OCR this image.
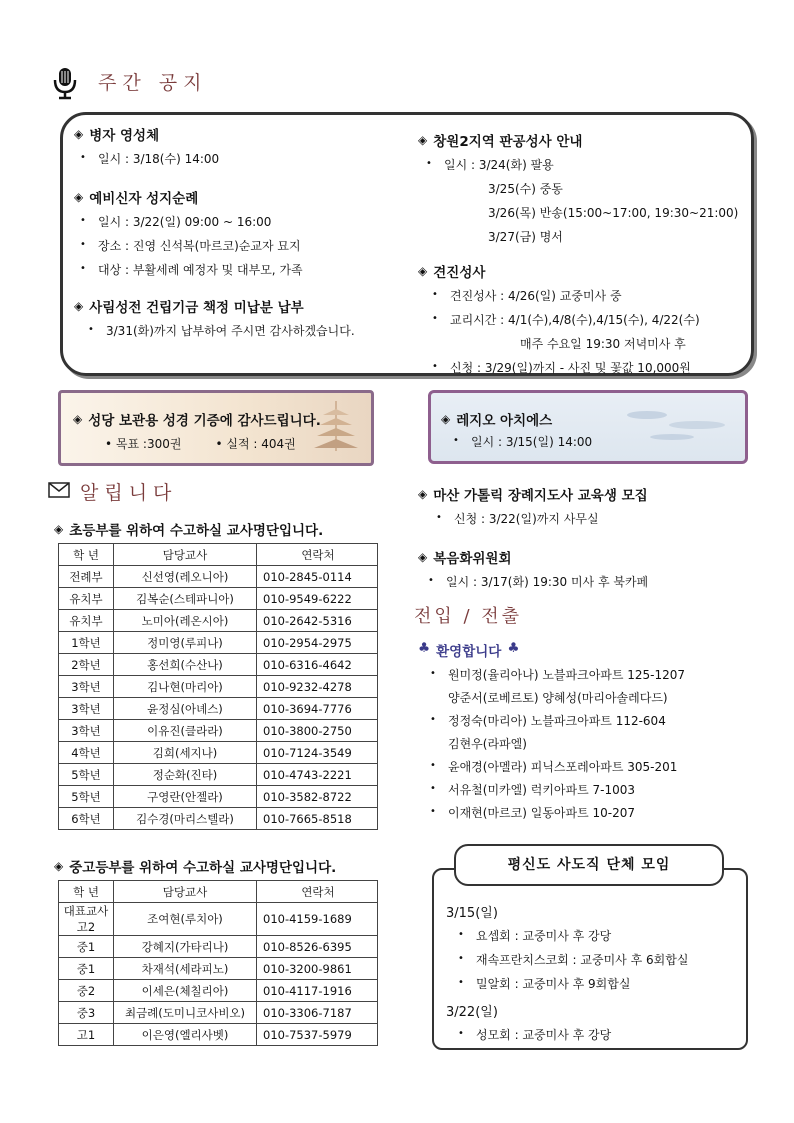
주간 공지
◈ 병자 영성체
•	일시 : 3/18(수) 14:00
◈ 예비신자 성지순례
•	일시 : 3/22(일) 09:00 ~ 16:00
•	장소 : 진영 신석복(마르코)순교자 묘지
•	대상 : 부활세례 예정자 및 대부모, 가족
◈ 사림성전 건립기금 책정 미납분 납부
•	3/31(화)까지 납부하여 주시면 감사하겠습니다.
◈ 창원2지역 판공성사 안내
•	일시 : 3/24(화) 팔용
3/25(수) 중동
3/26(목) 반송(15:00~17:00, 19:30~21:00)
3/27(금) 명서
◈ 견진성사
•	견진성사 : 4/26(일) 교중미사 중
•	교리시간 : 4/1(수),4/8(수),4/15(수), 4/22(수)
매주 수요일 19:30 저녁미사 후
•	신청 : 3/29(일)까지 - 사진 및 꽃값 10,000원
◈ 성당 보관용 성경 기증에 감사드립니다.
• 목표 :300권	• 실적 : 404권
◈ 레지오 아치에스
•	일시 : 3/15(일) 14:00
알립니다
◈ 초등부를 위하여 수고하실 교사명단입니다.
학 년	담당교사	연락처
전례부	신선영(레오니아)	010-2845-0114
유치부	김복순(스테파니아)	010-9549-6222
유치부	노미아(레온시아)	010-2642-5316
1학년	정미영(루피나)	010-2954-2975
2학년	홍선희(수산나)	010-6316-4642
3학년	김나현(마리아)	010-9232-4278
3학년	윤정심(아녜스)	010-3694-7776
3학년	이유진(클라라)	010-3800-2750
4학년	김희(세지나)	010-7124-3549
5학년	정순화(진타)	010-4743-2221
5학년	구영란(안젤라)	010-3582-8722
6학년	김수경(마리스텔라)	010-7665-8518
◈ 중고등부를 위하여 수고하실 교사명단입니다.
학 년	담당교사	연락처
대표교사
고2	조여현(루치아)	010-4159-1689
중1	강혜지(가타리나)	010-8526-6395
중1	차재석(세라피노)	010-3200-9861
중2	이세은(체칠리아)	010-4117-1916
중3	최금례(도미니코사비오)	010-3306-7187
고1	이은영(엘리사벳)	010-7537-5979
◈ 마산 가톨릭 장례지도사 교육생 모집
•	신청 : 3/22(일)까지 사무실
◈ 복음화위원회
•	일시 : 3/17(화) 19:30 미사 후 북카페
전입 / 전출
♣ 환영합니다 ♣
•	원미정(율리아나) 노블파크아파트 125-1207
양준서(로베르토) 양혜성(마리아솔레다드)
•	정정숙(마리아) 노블파크아파트 112-604
김현우(라파엘)
•	윤애경(아멜라) 피닉스포레아파트 305-201
•	서유철(미카엘) 럭키아파트 7-1003
•	이재현(마르코) 일동아파트 10-207
평신도 사도직 단체 모임
3/15(일)
•	요셉회 : 교중미사 후 강당
•	재속프란치스코회 : 교중미사 후 6회합실
•	밀알회 : 교중미사 후 9회합실
3/22(일)
•	성모회 : 교중미사 후 강당
